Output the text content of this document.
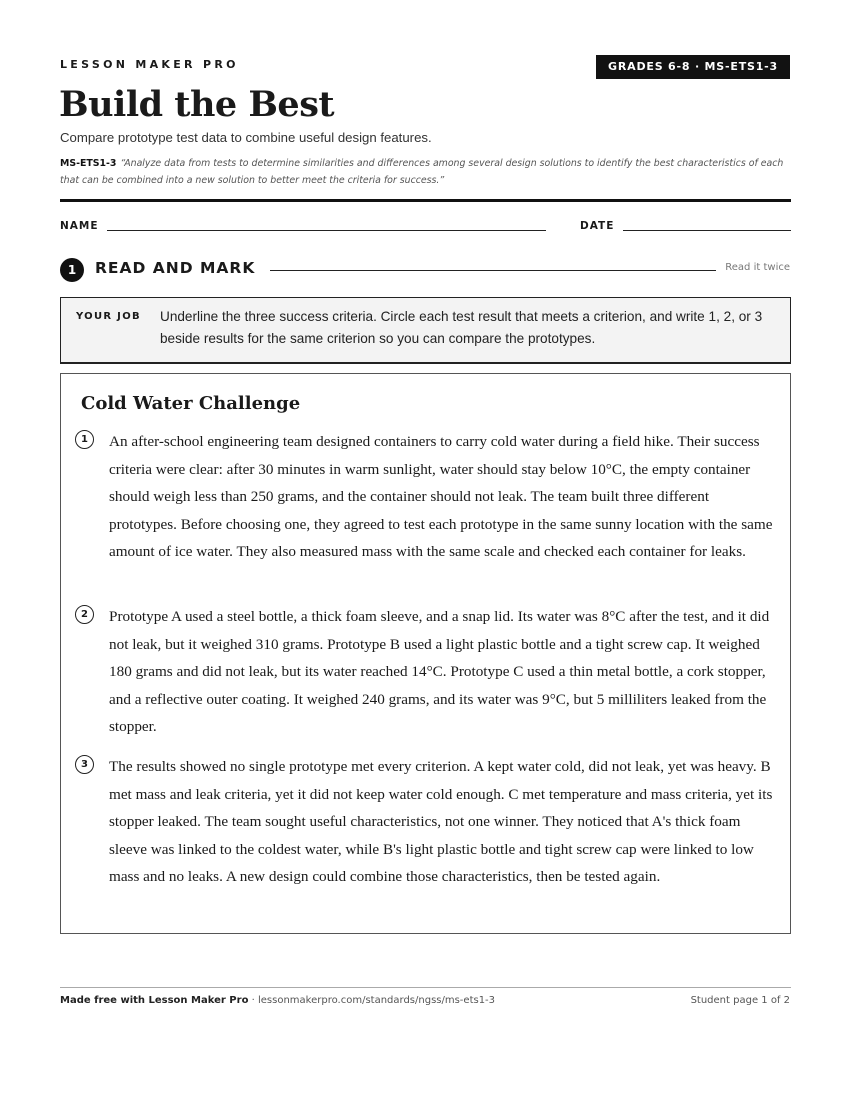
LESSON MAKER PRO	GRADES 6-8 · MS-ETS1-3
Build the Best
Compare prototype test data to combine useful design features.
MS-ETS1-3 “Analyze data from tests to determine similarities and differences among several design solutions to identify the best characteristics of each that can be combined into a new solution to better meet the criteria for success.”
NAME	DATE
1	READ AND MARK	Read it twice
YOUR JOB Underline the three success criteria. Circle each test result that meets a criterion, and write 1, 2, or 3 beside results for the same criterion so you can compare the prototypes.
Cold Water Challenge
1	An after-school engineering team designed containers to carry cold water during a field hike. Their success criteria were clear: after 30 minutes in warm sunlight, water should stay below 10°C, the empty container should weigh less than 250 grams, and the container should not leak. The team built three different prototypes. Before choosing one, they agreed to test each prototype in the same sunny location with the same amount of ice water. They also measured mass with the same scale and checked each container for leaks.
2	Prototype A used a steel bottle, a thick foam sleeve, and a snap lid. Its water was 8°C after the test, and it did not leak, but it weighed 310 grams. Prototype B used a light plastic bottle and a tight screw cap. It weighed 180 grams and did not leak, but its water reached 14°C. Prototype C used a thin metal bottle, a cork stopper, and a reflective outer coating. It weighed 240 grams, and its water was 9°C, but 5 milliliters leaked from the stopper.
3	The results showed no single prototype met every criterion. A kept water cold, did not leak, yet was heavy. B met mass and leak criteria, yet it did not keep water cold enough. C met temperature and mass criteria, yet its stopper leaked. The team sought useful characteristics, not one winner. They noticed that A's thick foam sleeve was linked to the coldest water, while B's light plastic bottle and tight screw cap were linked to low mass and no leaks. A new design could combine those characteristics, then be tested again.
Made free with Lesson Maker Pro · lessonmakerpro.com/standards/ngss/ms-ets1-3	Student page 1 of 2
